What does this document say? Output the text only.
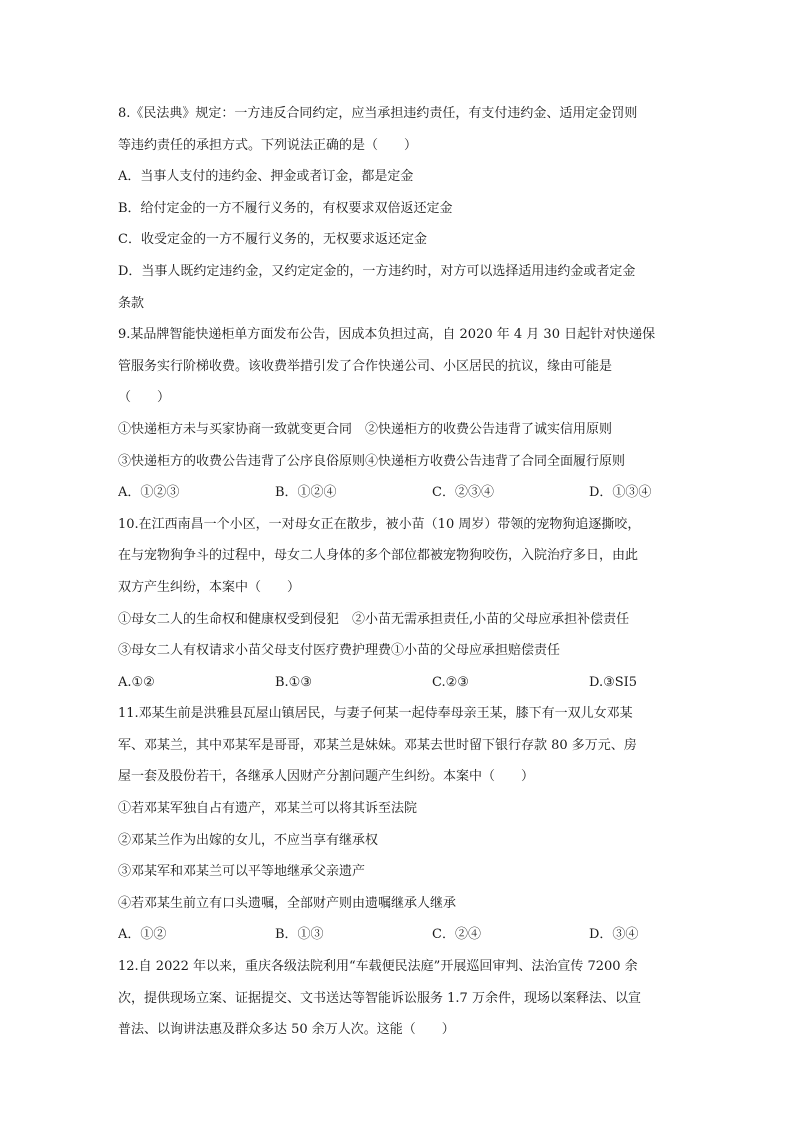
8.《民法典》规定：一方违反合同约定，应当承担违约责任，有支付违约金、适用定金罚则
等违约责任的承担方式。下列说法正确的是（　　）
A．当事人支付的违约金、押金或者订金，都是定金
B．给付定金的一方不履行义务的，有权要求双倍返还定金
C．收受定金的一方不履行义务的，无权要求返还定金
D．当事人既约定违约金，又约定定金的，一方违约时，对方可以选择适用违约金或者定金
条款
9.某品牌智能快递柜单方面发布公告，因成本负担过高，自 2020 年 4 月 30 日起针对快递保
管服务实行阶梯收费。该收费举措引发了合作快递公司、小区居民的抗议，缘由可能是
（　　）
①快递柜方未与买家协商一致就变更合同　②快递柜方的收费公告违背了诚实信用原则
③快递柜方的收费公告违背了公序良俗原则④快递柜方收费公告违背了合同全面履行原则
A．①②③	B．①②④	C．②③④	D．①③④
10.在江西南昌一个小区，一对母女正在散步，被小苗（10 周岁）带领的宠物狗追逐撕咬，
在与宠物狗争斗的过程中，母女二人身体的多个部位都被宠物狗咬伤，入院治疗多日，由此
双方产生纠纷，本案中（　　）
①母女二人的生命权和健康权受到侵犯　②小苗无需承担责任,小苗的父母应承担补偿责任
③母女二人有权请求小苗父母支付医疗费护理费①小苗的父母应承担赔偿责任
A.①②	B.①③	C.②③	D.③SI5
11.邓某生前是洪雅县瓦屋山镇居民，与妻子何某一起侍奉母亲王某，膝下有一双儿女邓某
军、邓某兰，其中邓某军是哥哥，邓某兰是妹妹。邓某去世时留下银行存款 80 多万元、房
屋一套及股份若干，各继承人因财产分割问题产生纠纷。本案中（　　）
①若邓某军独自占有遗产，邓某兰可以将其诉至法院
②邓某兰作为出嫁的女儿，不应当享有继承权
③邓某军和邓某兰可以平等地继承父亲遗产
④若邓某生前立有口头遗嘱，全部财产则由遗嘱继承人继承
A．①②	B．①③	C．②④	D．③④
12.自 2022 年以来，重庆各级法院利用“车载便民法庭”开展巡回审判、法治宣传 7200 余
次，提供现场立案、证据提交、文书送达等智能诉讼服务 1.7 万余件，现场以案释法、以宣
普法、以询讲法惠及群众多达 50 余万人次。这能（　　）
